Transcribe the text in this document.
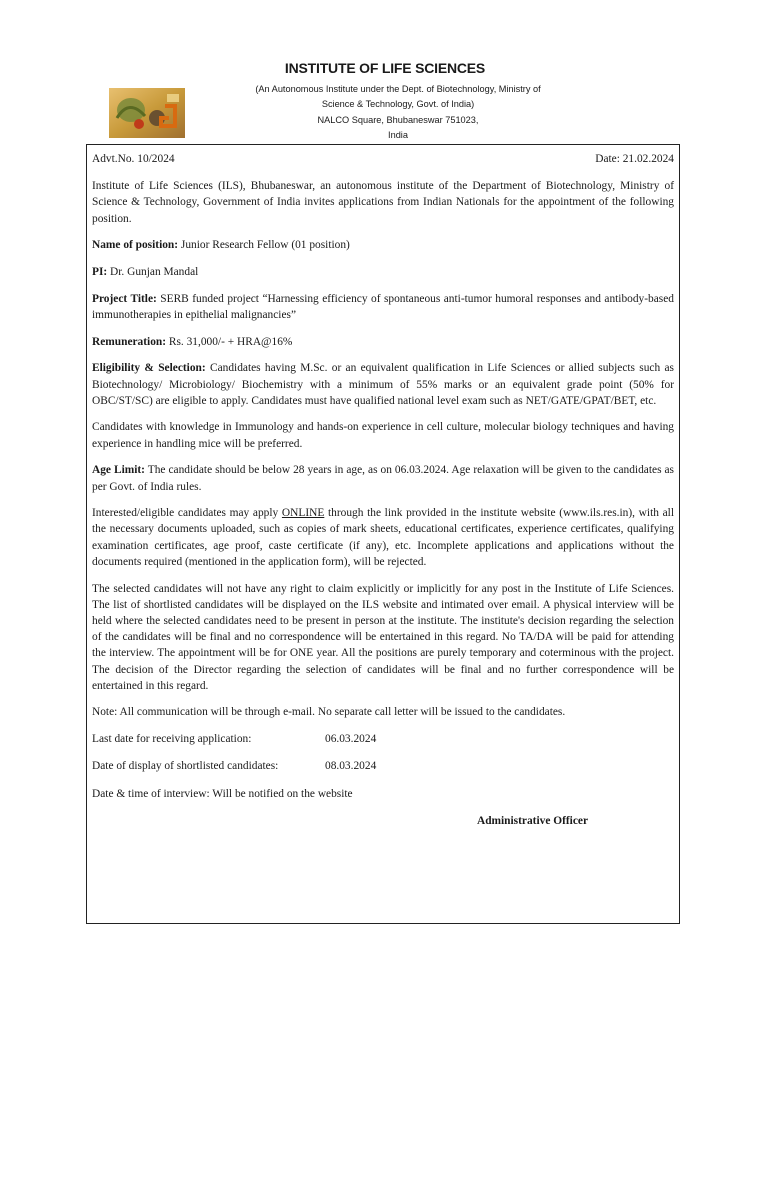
INSTITUTE OF LIFE SCIENCES
(An Autonomous Institute under the Dept. of Biotechnology, Ministry of
Science & Technology, Govt. of India)
NALCO Square, Bhubaneswar 751023,
India
Advt.No. 10/2024	Date: 21.02.2024

Institute of Life Sciences (ILS), Bhubaneswar, an autonomous institute of the Department of Biotechnology, Ministry of Science & Technology, Government of India invites applications from Indian Nationals for the appointment of the following position.

Name of position: Junior Research Fellow (01 position)

PI: Dr. Gunjan Mandal

Project Title: SERB funded project “Harnessing efficiency of spontaneous anti-tumor humoral responses and antibody-based immunotherapies in epithelial malignancies”

Remuneration: Rs. 31,000/- + HRA@16%

Eligibility & Selection: Candidates having M.Sc. or an equivalent qualification in Life Sciences or allied subjects such as Biotechnology/ Microbiology/ Biochemistry with a minimum of 55% marks or an equivalent grade point (50% for OBC/ST/SC) are eligible to apply. Candidates must have qualified national level exam such as NET/GATE/GPAT/BET, etc.

Candidates with knowledge in Immunology and hands-on experience in cell culture, molecular biology techniques and having experience in handling mice will be preferred.

Age Limit: The candidate should be below 28 years in age, as on 06.03.2024. Age relaxation will be given to the candidates as per Govt. of India rules.

Interested/eligible candidates may apply ONLINE through the link provided in the institute website (www.ils.res.in), with all the necessary documents uploaded, such as copies of mark sheets, educational certificates, experience certificates, qualifying examination certificates, age proof, caste certificate (if any), etc. Incomplete applications and applications without the documents required (mentioned in the application form), will be rejected.

The selected candidates will not have any right to claim explicitly or implicitly for any post in the Institute of Life Sciences. The list of shortlisted candidates will be displayed on the ILS website and intimated over email. A physical interview will be held where the selected candidates need to be present in person at the institute. The institute's decision regarding the selection of the candidates will be final and no correspondence will be entertained in this regard. No TA/DA will be paid for attending the interview. The appointment will be for ONE year. All the positions are purely temporary and coterminous with the project. The decision of the Director regarding the selection of candidates will be final and no further correspondence will be entertained in this regard.

Note: All communication will be through e-mail. No separate call letter will be issued to the candidates.

Last date for receiving application:	06.03.2024
Date of display of shortlisted candidates:	08.03.2024
Date & time of interview: Will be notified on the website
Administrative Officer
